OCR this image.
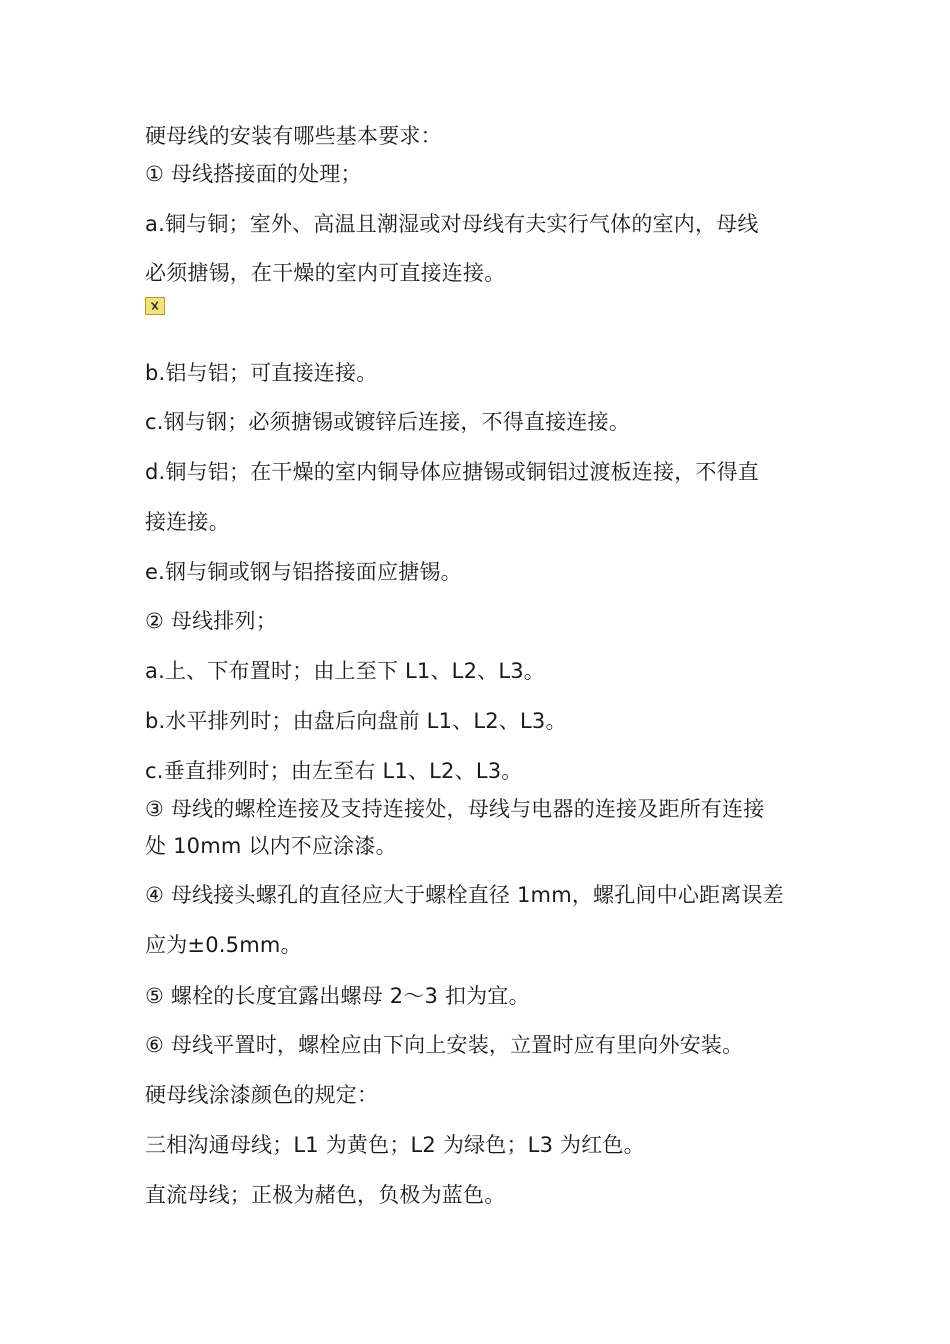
硬母线的安装有哪些基本要求：
① 母线搭接面的处理；
a.铜与铜；室外、高温且潮湿或对母线有夫实行气体的室内，母线
必须搪锡，在干燥的室内可直接连接。
b.铝与铝；可直接连接。
c.钢与钢；必须搪锡或镀锌后连接，不得直接连接。
d.铜与铝；在干燥的室内铜导体应搪锡或铜铝过渡板连接，不得直
接连接。
e.钢与铜或钢与铝搭接面应搪锡。
② 母线排列；
a.上、下布置时；由上至下 L1、L2、L3。
b.水平排列时；由盘后向盘前 L1、L2、L3。
c.垂直排列时；由左至右 L1、L2、L3。
③ 母线的螺栓连接及支持连接处，母线与电器的连接及距所有连接
处 10mm 以内不应涂漆。
④ 母线接头螺孔的直径应大于螺栓直径 1mm，螺孔间中心距离误差
应为±0.5mm。
⑤ 螺栓的长度宜露出螺母 2～3 扣为宜。
⑥ 母线平置时，螺栓应由下向上安装，立置时应有里向外安装。
硬母线涂漆颜色的规定：
三相沟通母线；L1 为黄色；L2 为绿色；L3 为红色。
直流母线；正极为赭色，负极为蓝色。
